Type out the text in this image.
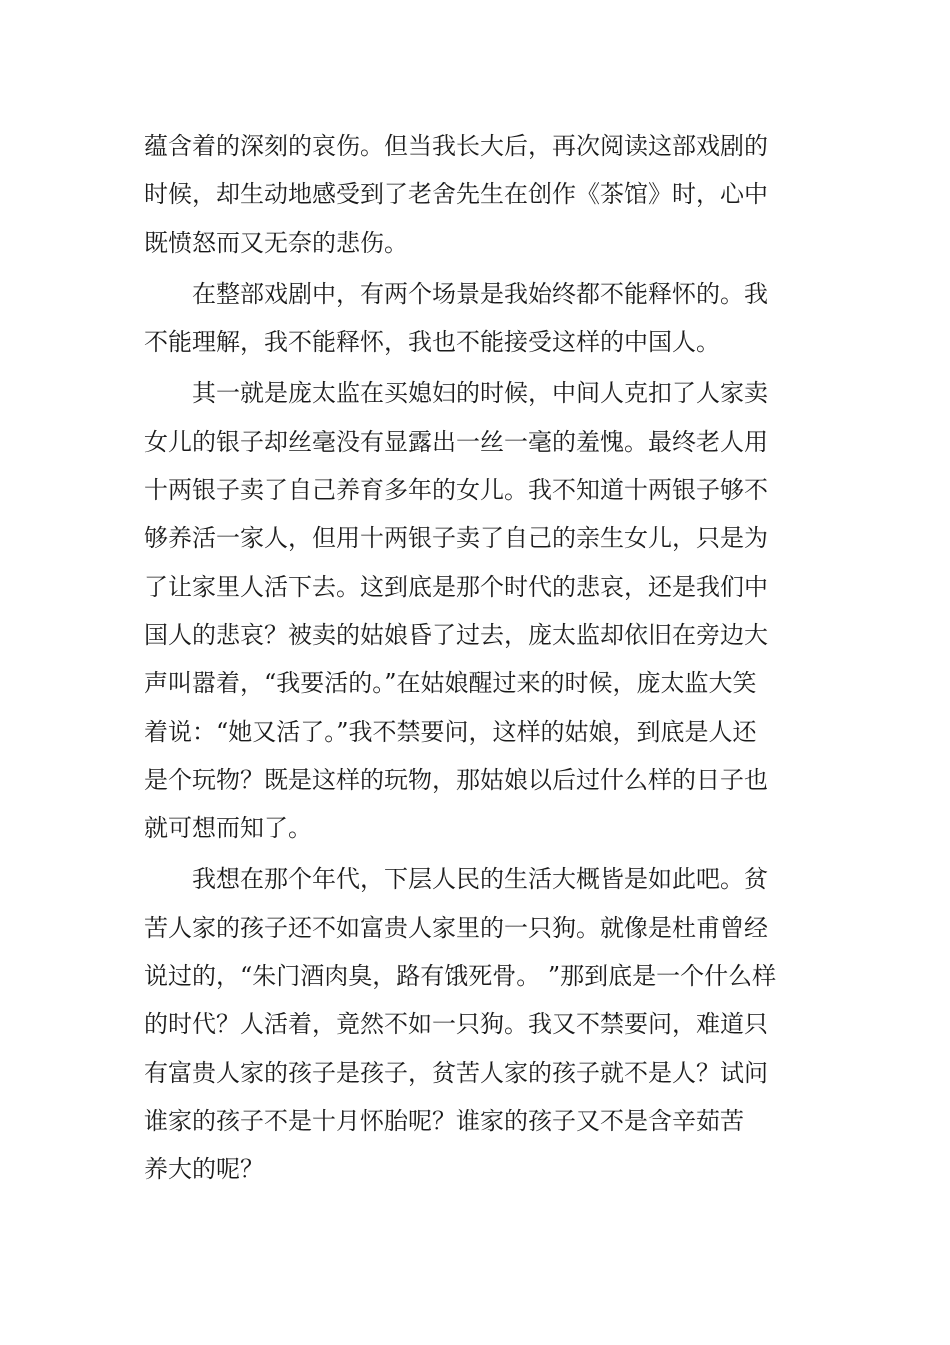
蕴含着的深刻的哀伤。但当我长大后，再次阅读这部戏剧的
时候，却生动地感受到了老舍先生在创作《茶馆》时，心中
既愤怒而又无奈的悲伤。
在整部戏剧中，有两个场景是我始终都不能释怀的。我
不能理解，我不能释怀，我也不能接受这样的中国人。
其一就是庞太监在买媳妇的时候，中间人克扣了人家卖
女儿的银子却丝毫没有显露出一丝一毫的羞愧。最终老人用
十两银子卖了自己养育多年的女儿。我不知道十两银子够不
够养活一家人，但用十两银子卖了自己的亲生女儿，只是为
了让家里人活下去。这到底是那个时代的悲哀，还是我们中
国人的悲哀？被卖的姑娘昏了过去，庞太监却依旧在旁边大
声叫嚣着，“我要活的。”在姑娘醒过来的时候，庞太监大笑
着说：“她又活了。”我不禁要问，这样的姑娘，到底是人还
是个玩物？既是这样的玩物，那姑娘以后过什么样的日子也
就可想而知了。
我想在那个年代，下层人民的生活大概皆是如此吧。贫
苦人家的孩子还不如富贵人家里的一只狗。就像是杜甫曾经
说过的，“朱门酒肉臭，路有饿死骨。 ”那到底是一个什么样
的时代？人活着，竟然不如一只狗。我又不禁要问，难道只
有富贵人家的孩子是孩子，贫苦人家的孩子就不是人？试问
谁家的孩子不是十月怀胎呢？谁家的孩子又不是含辛茹苦
养大的呢？
